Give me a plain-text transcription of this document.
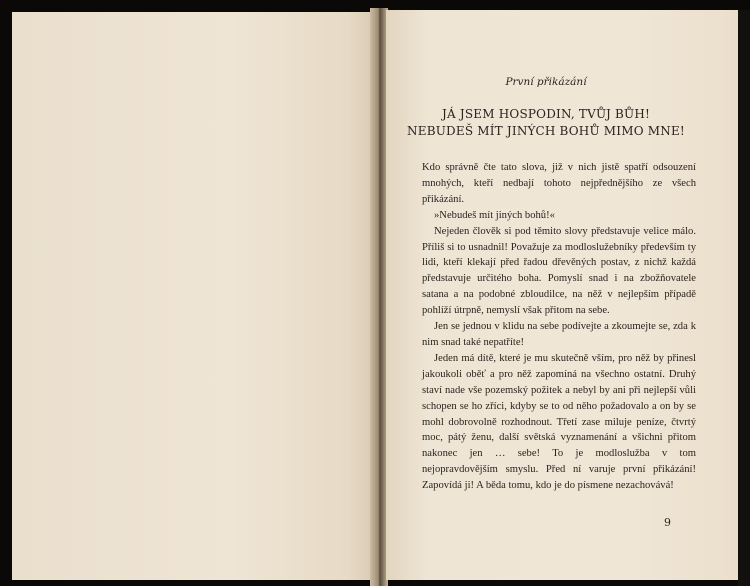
První přikázání

JÁ JSEM HOSPODIN, TVŮJ BŮH!
NEBUDEŠ MÍT JINÝCH BOHŮ MIMO MNE!

Kdo správně čte tato slova, již v nich jistě spatří odsouzení mnohých, kteří nedbají tohoto nejpřednějšího ze všech přikázání.

»Nebudeš mít jiných bohů!«

Nejeden člověk si pod těmito slovy představuje velice málo. Příliš si to usnadnil! Považuje za modloslužebníky především ty lidi, kteří klekají před řadou dřevěných postav, z nichž každá představuje určitého boha. Pomyslí snad i na zbožňovatele satana a na podobné zbloudilce, na něž v nejlepším případě pohlíží útrpně, nemyslí však přitom na sebe.

Jen se jednou v klidu na sebe podívejte a zkoumejte se, zda k nim snad také nepatříte!

Jeden má dítě, které je mu skutečně vším, pro něž by přinesl jakoukoli oběť a pro něž zapomíná na všechno ostatní. Druhý staví nade vše pozemský požitek a nebyl by ani při nejlepší vůli schopen se ho zříci, kdyby se to od něho požadovalo a on by se mohl dobrovolně rozhodnout. Třetí zase miluje peníze, čtvrtý moc, pátý ženu, další světská vyznamenání a všichni přitom nakonec jen … sebe! To je modloslužba v tom nejopravdovějším smyslu. Před ní varuje první přikázání! Zapovídá ji! A běda tomu, kdo je do písmene nezachovává!

9
